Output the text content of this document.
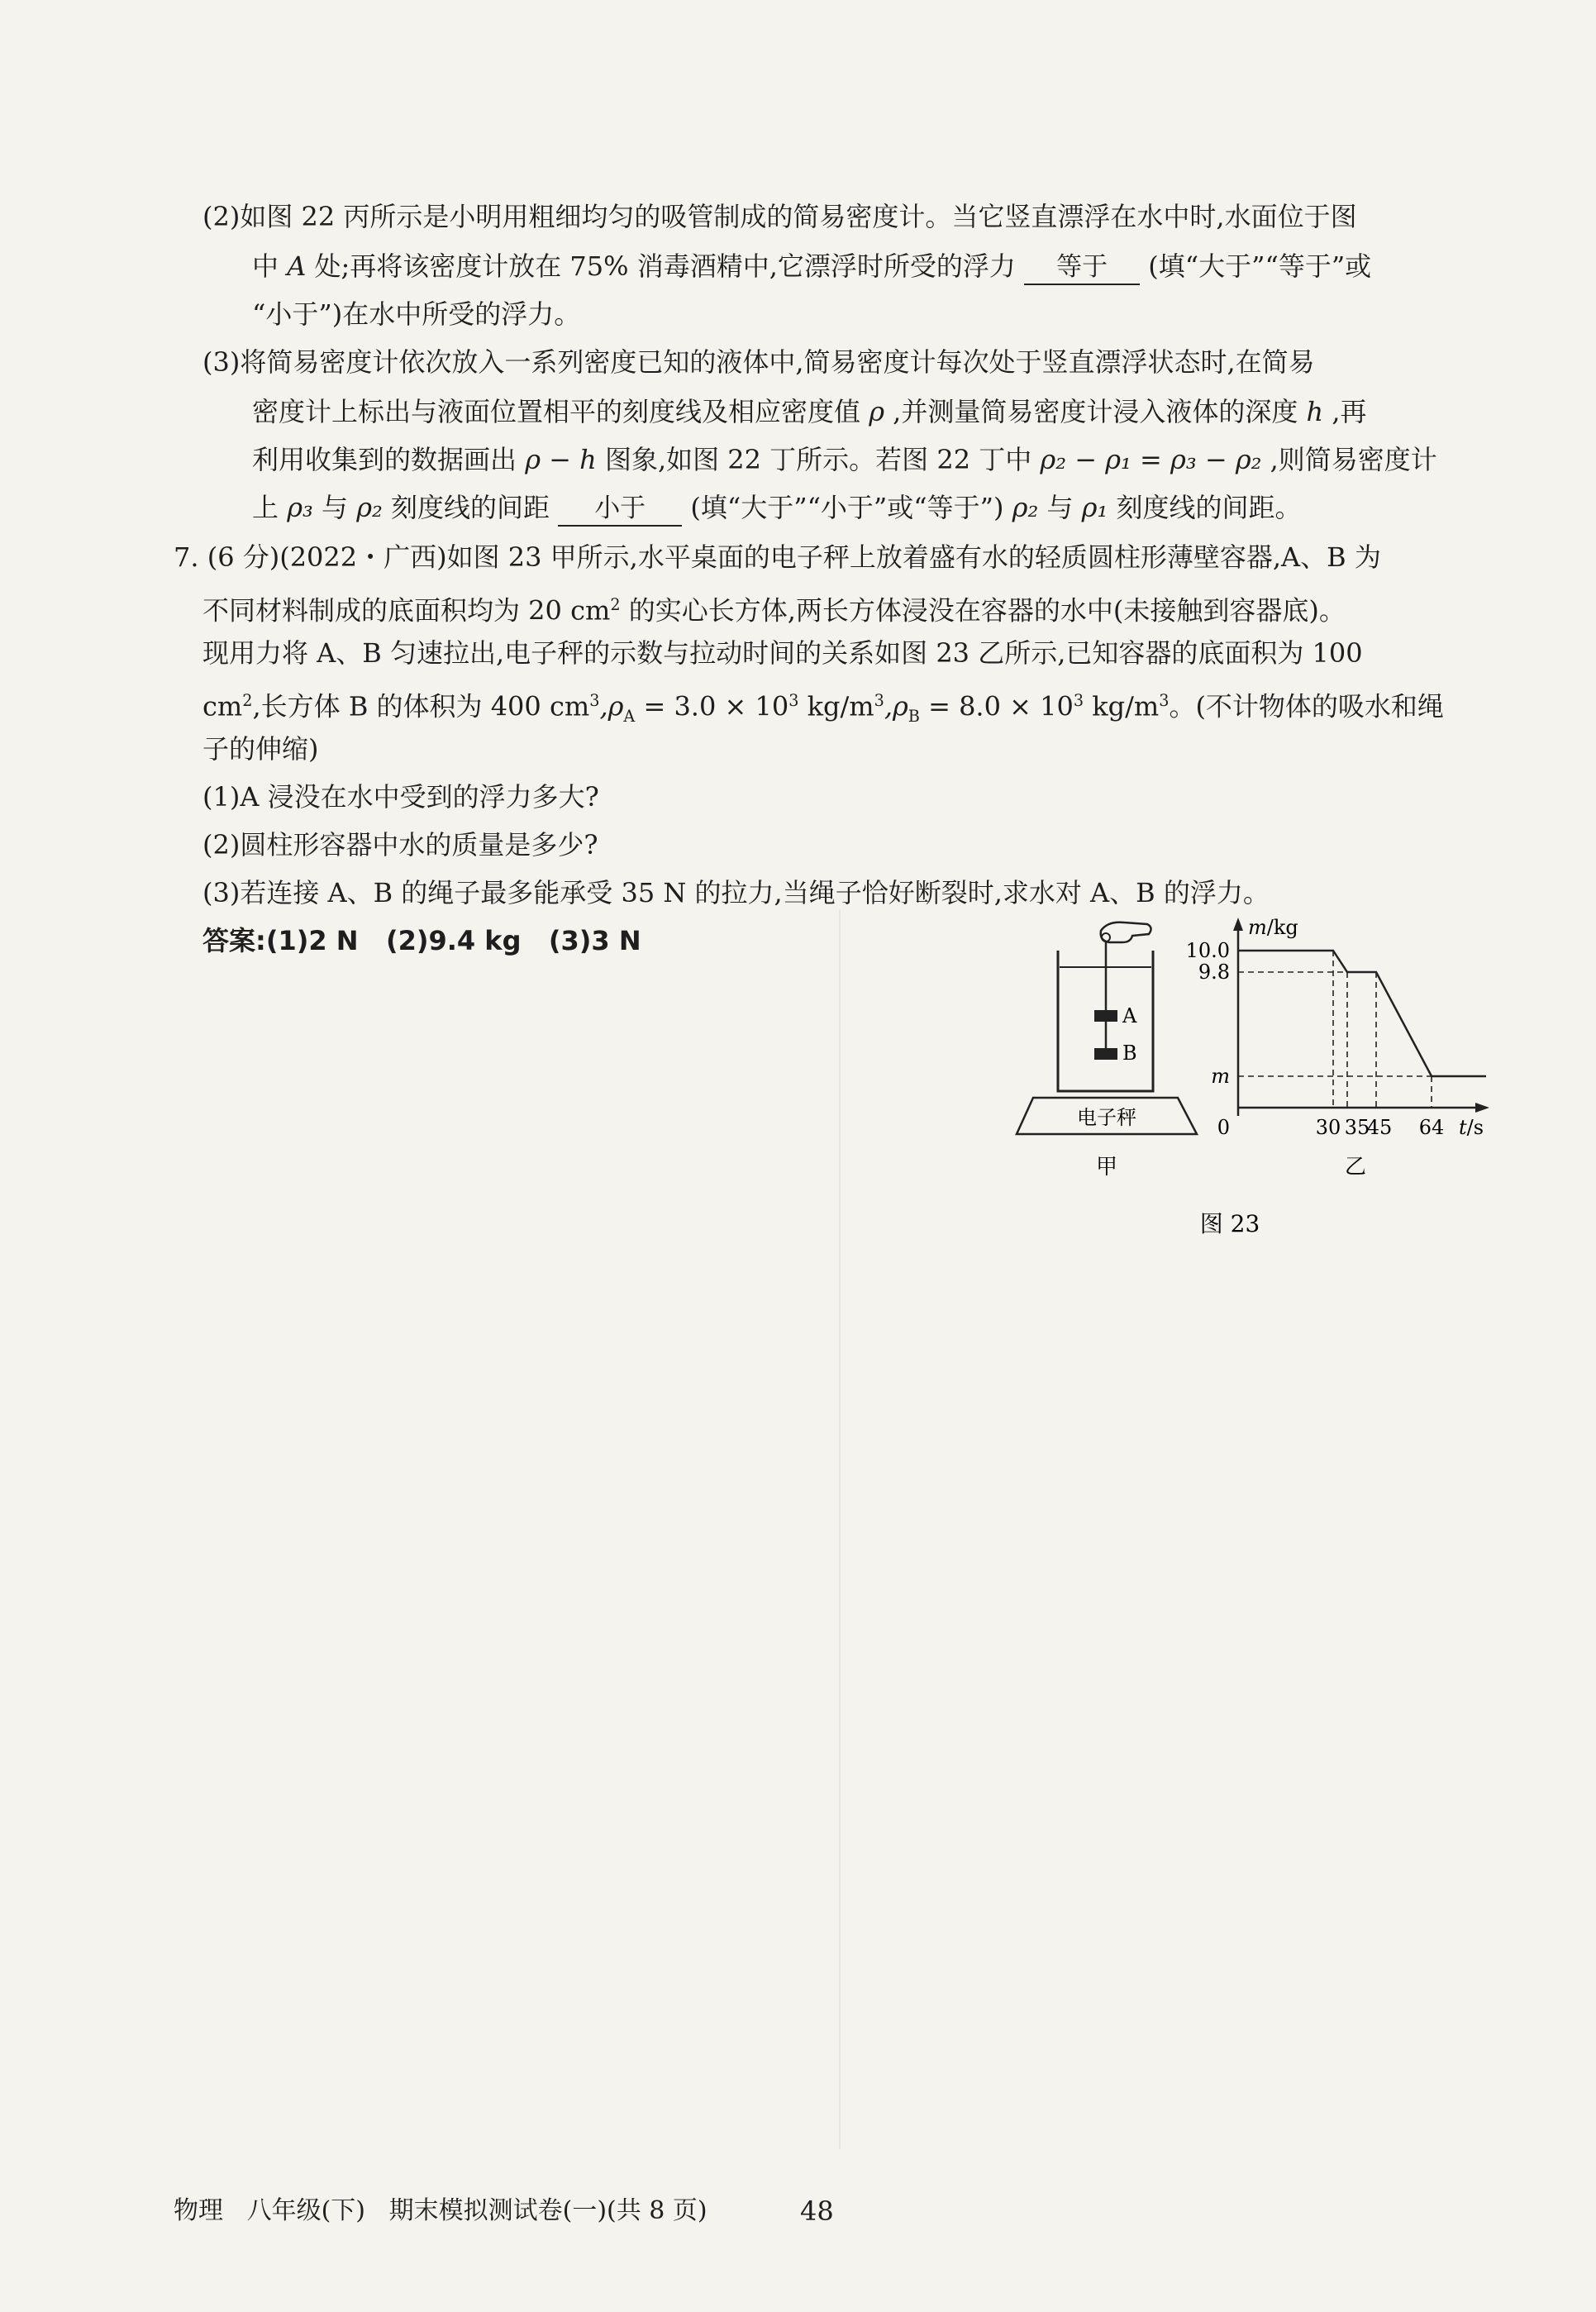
(2)如图 22 丙所示是小明用粗细均匀的吸管制成的简易密度计。当它竖直漂浮在水中时,水面位于图
中 A 处;再将该密度计放在 75% 消毒酒精中,它漂浮时所受的浮力 等于 (填“大于”“等于”或
“小于”)在水中所受的浮力。
(3)将简易密度计依次放入一系列密度已知的液体中,简易密度计每次处于竖直漂浮状态时,在简易
密度计上标出与液面位置相平的刻度线及相应密度值 ρ ,并测量简易密度计浸入液体的深度 h ,再
利用收集到的数据画出 ρ − h 图象,如图 22 丁所示。若图 22 丁中 ρ₂ − ρ₁ = ρ₃ − ρ₂ ,则简易密度计
上 ρ₃ 与 ρ₂ 刻度线的间距 小于 (填“大于”“小于”或“等于”) ρ₂ 与 ρ₁ 刻度线的间距。
7. (6 分)(2022・广西)如图 23 甲所示,水平桌面的电子秤上放着盛有水的轻质圆柱形薄壁容器,A、B 为
不同材料制成的底面积均为 20 $cm^2$ 的实心长方体,两长方体浸没在容器的水中(未接触到容器底)。
现用力将 A、B 匀速拉出,电子秤的示数与拉动时间的关系如图 23 乙所示,已知容器的底面积为 100
$cm^2$,长方体 B 的体积为 400 $cm^3,\rho_A = 3.0 \times 10^3$ $kg/m^3,\rho_B = 8.0 \times 10^3$ $kg/m^3$。(不计物体的吸水和绳
子的伸缩)
(1)A 浸没在水中受到的浮力多大?
(2)圆柱形容器中水的质量是多少?
(3)若连接 A、B 的绳子最多能承受 35 N 的拉力,当绳子恰好断裂时,求水对 A、B 的浮力。
答案:(1)2 N   (2)9.4 kg   (3)3 N
A
B
电子秤
甲
m/kg
t/s
0
10.0
9.8
m
30 35
45 64
乙
图 23
物理   八年级(下)   期末模拟测试卷(一)(共 8 页)	48
